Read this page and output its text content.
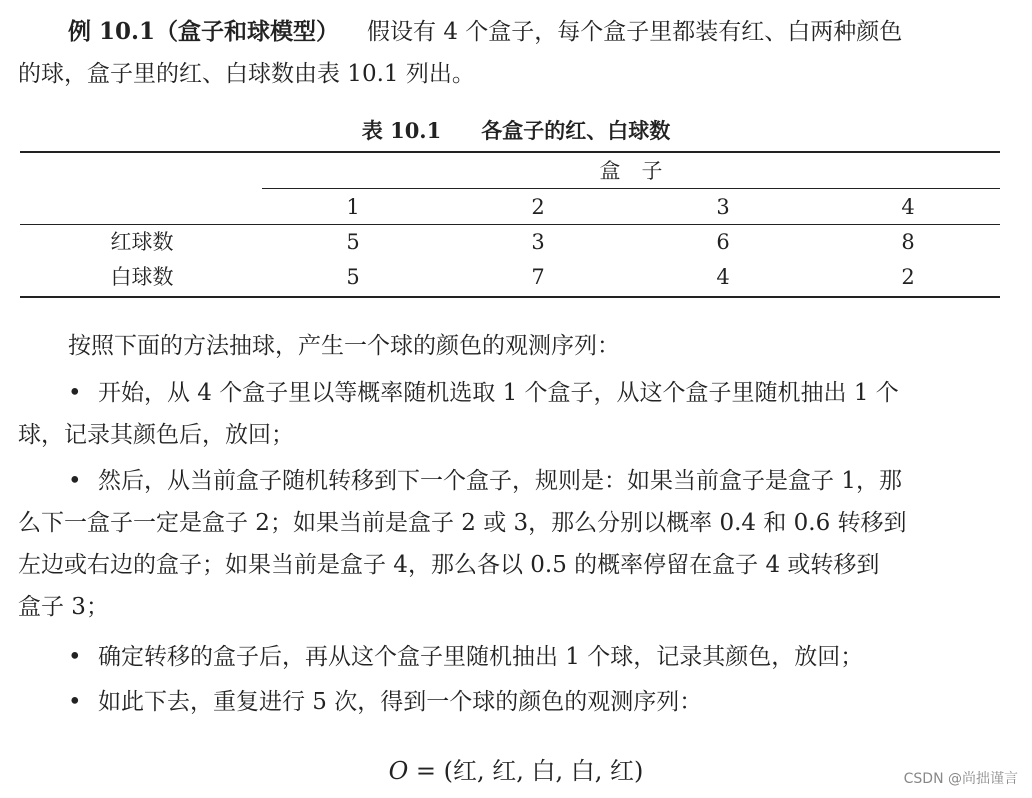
例 10.1（盒子和球模型） 假设有 4 个盒子，每个盒子里都装有红、白两种颜色
的球，盒子里的红、白球数由表 10.1 列出。
表 10.1 各盒子的红、白球数
盒　子
1	2	3	4
红球数	5	3	6	8
白球数	5	7	4	2
按照下面的方法抽球，产生一个球的颜色的观测序列：
• 开始，从 4 个盒子里以等概率随机选取 1 个盒子，从这个盒子里随机抽出 1 个
球，记录其颜色后，放回；
• 然后，从当前盒子随机转移到下一个盒子，规则是：如果当前盒子是盒子 1，那
么下一盒子一定是盒子 2；如果当前是盒子 2 或 3，那么分别以概率 0.4 和 0.6 转移到
左边或右边的盒子；如果当前是盒子 4，那么各以 0.5 的概率停留在盒子 4 或转移到
盒子 3；
• 确定转移的盒子后，再从这个盒子里随机抽出 1 个球，记录其颜色，放回；
• 如此下去，重复进行 5 次，得到一个球的颜色的观测序列：
O = (红, 红, 白, 白, 红)	CSDN @尚拙谨言
